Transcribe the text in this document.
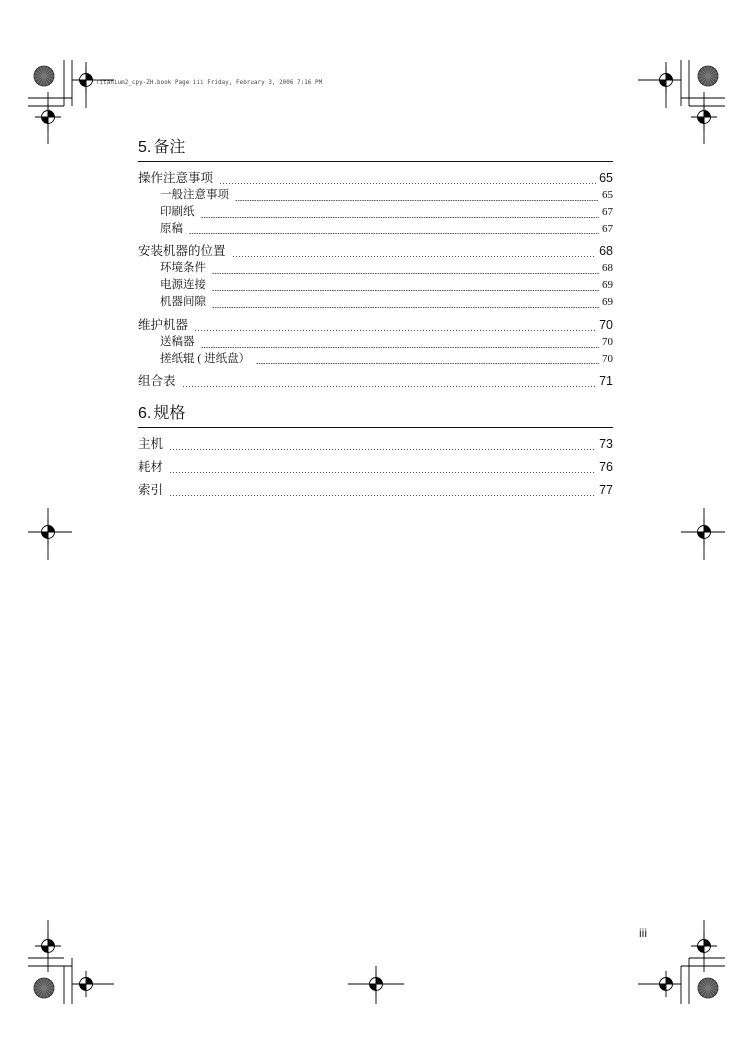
Titanium2_cpy-ZH.book Page iii Friday, February 3, 2006 7:16 PM
5. 备注
操作注意事项	65
一般注意事项	65
印刷纸	67
原稿	67
安装机器的位置	68
环境条件	68
电源连接	69
机器间隙	69
维护机器	70
送稿器	70
搓纸辊 ( 进纸盘）	70
组合表	71
6. 规格
主机	73
耗材	76
索引	77
iii
